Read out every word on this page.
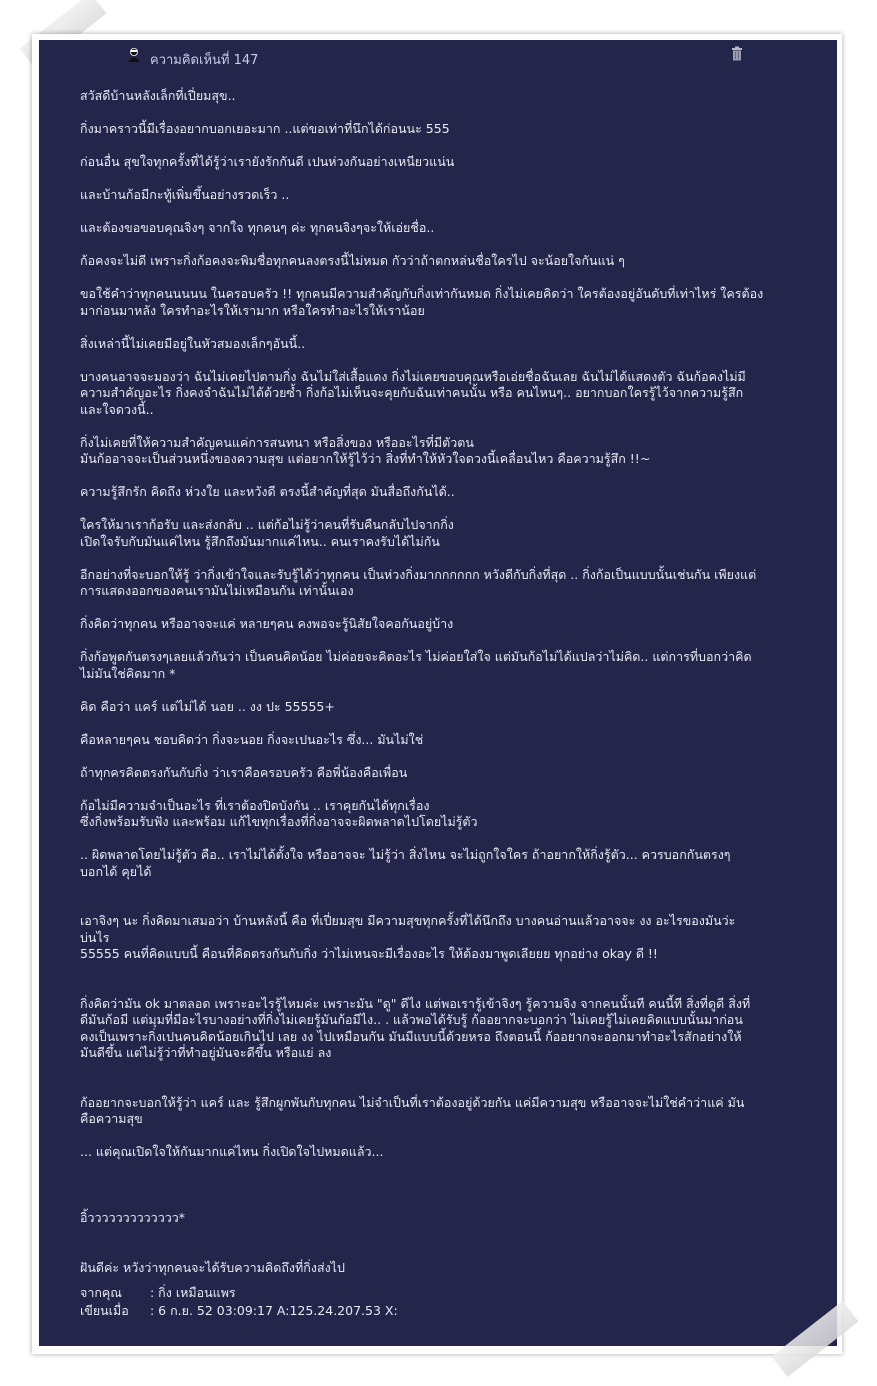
ความคิดเห็นที่ 147

สวัสดีบ้านหลังเล็กที่เปี่ยมสุข..

กิ่งมาคราวนี้มีเรื่องอยากบอกเยอะมาก ..แต่ขอเท่าที่นึกได้ก่อนนะ 555

ก่อนอื่น สุขใจทุกครั้งที่ได้รู้ว่าเรายังรักกันดี เปนห่วงกันอย่างเหนียวแน่น

และบ้านก้อมีกะทู้เพิ่มขึ้นอย่างรวดเร็ว ..

และต้องขอขอบคุณจิงๆ จากใจ ทุกคนๆ ค่ะ ทุกคนจิงๆจะให้เอ่ยชื่อ..

ก้อคงจะไม่ดี เพราะกิ่งก้อคงจะพิมชื่อทุกคนลงตรงนี้ไม่หมด กัวว่าถ้าตกหล่นชื่อใครไป จะน้อยใจกันแน่ ๆ

ขอใช้คำว่าทุกคนนนนน ในครอบครัว !! ทุกคนมีความสำคัญกับกิ่งเท่ากันหมด กิ่งไม่เคยคิดว่า ใครต้องอยู่อันดับที่เท่าไหร่ ใครต้อง
มาก่อนมาหลัง ใครทำอะไรให้เรามาก หรือใครทำอะไรให้เราน้อย

สิ่งเหล่านี้ไม่เคยมีอยู่ในหัวสมองเล็กๆอันนี้..

บางคนอาจจะมองว่า ฉันไม่เคยไปตามกิ่ง ฉันไม่ใส่เสื้อแดง กิ่งไม่เคยขอบคุณหรือเอ่ยชื่อฉันเลย ฉันไม่ได้แสดงตัว ฉันก้อคงไม่มี
ความสำคัญอะไร กิ่งคงจำฉันไม่ได้ด้วยซ้ำ กิ่งก้อไม่เห็นจะคุยกับฉันเท่าคนนั้น หรือ คนไหนๆ.. อยากบอกใครรู้ไว้จากความรู้สึก
และใจดวงนี้..

กิ่งไม่เคยที่ให้ความสำคัญคนแค่การสนทนา หรือสิ่งของ หรืออะไรที่มีตัวตน
มันก้ออาจจะเป็นส่วนหนึ่งของความสุข แต่อยากให้รู้ไว้ว่า สิ่งที่ทำให้หัวใจดวงนี้เคลื่อนไหว คือความรู้สึก !!~

ความรู้สึกรัก คิดถึง ห่วงใย และหวังดี ตรงนี้สำคัญที่สุด มันสื่อถึงกันได้..

ใครให้มาเราก้อรับ และส่งกลับ .. แต่ก้อไม่รู้ว่าคนที่รับคืนกลับไปจากกิ่ง
เปิดใจรับกับมันแค่ไหน รู้สึกถึงมันมากแค่ไหน.. คนเราคงรับได้ไม่กัน

อีกอย่างที่จะบอกให้รู้ ว่ากิ่งเข้าใจและรับรู้ได้ว่าทุกคน เป็นห่วงกิ่งมากกกกกก หวังดีกับกิ่งที่สุด .. กิ่งก้อเป็นแบบนั้นเช่นกัน เพียงแต่
การแสดงออกของคนเรามันไม่เหมือนกัน เท่านั้นเอง

กิ่งคิดว่าทุกคน หรืออาจจะแค่ หลายๆคน คงพอจะรู้นิสัยใจคอกันอยู่บ้าง

กิ่งก้อพูดกันตรงๆเลยแล้วกันว่า เป็นคนคิดน้อย ไม่ค่อยจะคิดอะไร ไม่ค่อยใส่ใจ แต่มันก้อไม่ได้แปลว่าไม่คิด.. แต่การที่บอกว่าคิด
ไม่มันใช่คิดมาก *

คิด คือว่า แคร์ แต่ไม่ได้ นอย .. งง ปะ 55555+

คือหลายๆคน ชอบคิดว่า กิ่งจะนอย กิ่งจะเปนอะไร ซึ่ง... มันไม่ใช่

ถ้าทุกครคิดตรงกันกับกิ่ง ว่าเราคือครอบครัว คือพี่น้องคือเพื่อน

ก้อไม่มีความจำเป็นอะไร ที่เราต้องปิดบังกัน .. เราคุยกันได้ทุกเรื่อง
ซึ่งกิ่งพร้อมรับฟัง และพร้อม แก้ไขทุกเรื่องที่กิ่งอาจจะผิดพลาดไปโดยไม่รู้ตัว

.. ผิดพลาดโดยไม่รู้ตัว คือ.. เราไม่ได้ตั้งใจ หรืออาจจะ ไม่รู้ว่า สิ่งไหน จะไม่ถูกใจใคร ถ้าอยากให้กิ่งรู้ตัว... ควรบอกกันตรงๆ
บอกได้ คุยได้

เอาจิงๆ นะ กิ่งคิดมาเสมอว่า บ้านหลังนี้ คือ ที่เปี่ยมสุข มีความสุขทุกครั้งที่ได้นึกถึง บางคนอ่านแล้วอาจจะ งง อะไรของมันว่ะ
บ่นไร
55555 คนที่คิดแบบนี้ คือนที่คิดตรงกันกับกิ่ง ว่าไม่เหนจะมีเรื่องอะไร ให้ต้องมาพูดเลียยย ทุกอย่าง okay ดี !!

กิ่งคิดว่ามัน ok มาตลอด เพราะอะไรรู้ไหมค่ะ เพราะมัน "ดู" ดีไง แต่พอเรารู้เข้าจิงๆ รู้ความจิง จากคนนั้นที คนนี้ที สิ่งที่ดูดี สิ่งที่
ดีมันก้อมี แต่มุมที่มีอะไรบางอย่างที่กิ่งไม่เคยรู้มันก้อมีไง.. . แล้วพอได้รับรู้ ก้ออยากจะบอกว่า ไม่เคยรู้ไม่เคยคิดแบบนั้นมาก่อน
คงเป็นเพราะกิ่งเปนคนคิดน้อยเกินไป เลย งง ไปเหมือนกัน มันมีแบบนี้ด้วยหรอ ถึงตอนนี้ ก้ออยากจะออกมาทำอะไรสักอย่างให้
มันดีขึ้น แต่ไม่รู้ว่าที่ทำอยู่มันจะดีขึ้น หรือแย่ ลง

ก้ออยากจะบอกให้รู้ว่า แคร์ และ รู้สึกผูกพันกับทุกคน ไม่จำเป็นที่เราต้องอยู่ด้วยกัน แค่มีความสุข หรืออาจจะไม่ใช่คำว่าแค่ มัน
คือความสุข

... แต่คุณเปิดใจให้กันมากแค่ไหน กิ่งเปิดใจไปหมดแล้ว...

อิ้ววววววววววววว*

ฝันดีค่ะ หวังว่าทุกคนจะได้รับความคิดถึงที่กิ่งส่งไป

จากคุณ	: กิ่ง เหมือนแพร
เขียนเมื่อ	: 6 ก.ย. 52 03:09:17 A:125.24.207.53 X:
